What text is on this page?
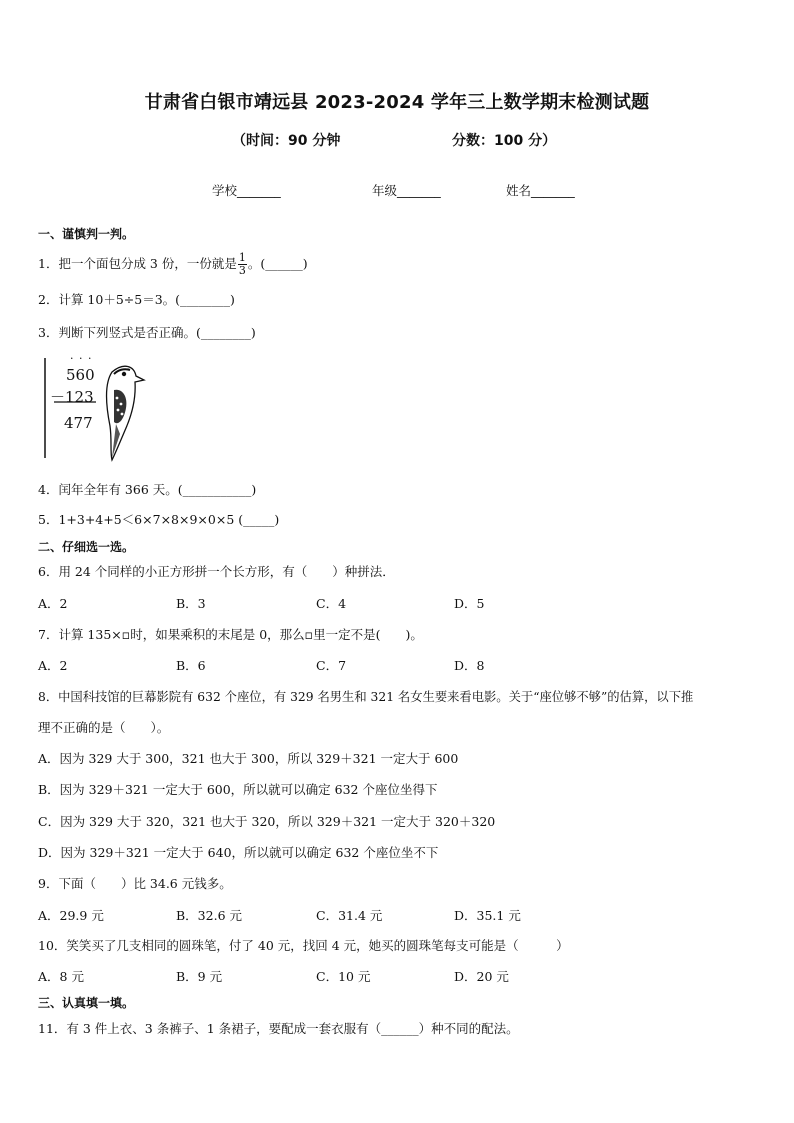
甘肃省白银市靖远县 2023-2024 学年三上数学期末检测试题
（时间：90 分钟	分数：100 分）
学校_______	年级_______	姓名_______
一、谨慎判一判。
1．把一个面包分成 3 份，一份就是 $\frac{1}{3}$ 。(______)
2．计算 10＋5÷5＝3。(________)
3．判断下列竖式是否正确。(________)
· · ·
560
－123
477
4．闰年全年有 366 天。(___________)
5．1+3+4+5＜6×7×8×9×0×5 (_____)
二、仔细选一选。
6．用 24 个同样的小正方形拼一个长方形，有（　　）种拼法．
A．2	B．3	C．4	D．5
7．计算 135×▫时，如果乘积的末尾是 0，那么▫里一定不是(　　)。
A．2	B．6	C．7	D．8
8．中国科技馆的巨幕影院有 632 个座位，有 329 名男生和 321 名女生要来看电影。关于“座位够不够”的估算，以下推
理不正确的是（　　）。
A．因为 329 大于 300，321 也大于 300，所以 329＋321 一定大于 600
B．因为 329＋321 一定大于 600，所以就可以确定 632 个座位坐得下
C．因为 329 大于 320，321 也大于 320，所以 329＋321 一定大于 320＋320
D．因为 329＋321 一定大于 640，所以就可以确定 632 个座位坐不下
9．下面（　　）比 34.6 元钱多。
A．29.9 元	B．32.6 元	C．31.4 元	D．35.1 元
10．笑笑买了几支相同的圆珠笔，付了 40 元，找回 4 元，她买的圆珠笔每支可能是（　　　）
A．8 元	B．9 元	C．10 元	D．20 元
三、认真填一填。
11．有 3 件上衣、3 条裤子、1 条裙子，要配成一套衣服有（______）种不同的配法。
